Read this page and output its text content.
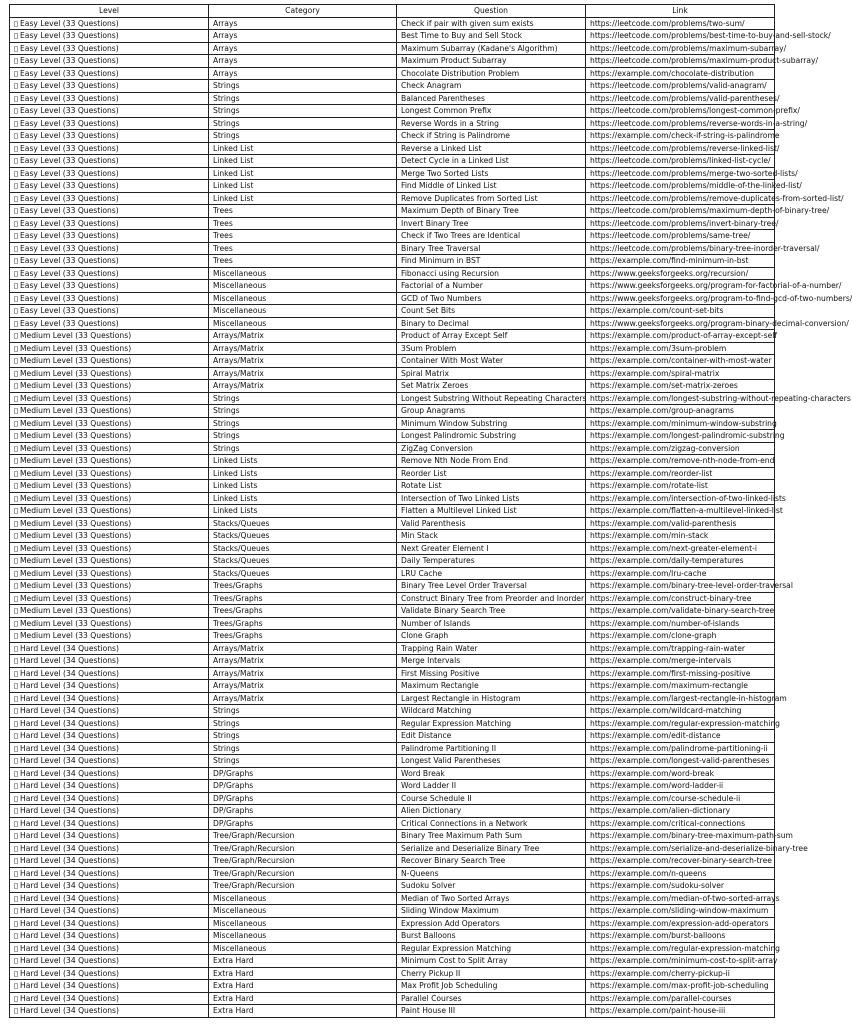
Level	Category	Question	Link
▯ Easy Level (33 Questions)	Arrays	Check if pair with given sum exists	https://leetcode.com/problems/two-sum/
▯ Easy Level (33 Questions)	Arrays	Best Time to Buy and Sell Stock	https://leetcode.com/problems/best-time-to-buy-and-sell-stock/
▯ Easy Level (33 Questions)	Arrays	Maximum Subarray (Kadane's Algorithm)	https://leetcode.com/problems/maximum-subarray/
▯ Easy Level (33 Questions)	Arrays	Maximum Product Subarray	https://leetcode.com/problems/maximum-product-subarray/
▯ Easy Level (33 Questions)	Arrays	Chocolate Distribution Problem	https://example.com/chocolate-distribution
▯ Easy Level (33 Questions)	Strings	Check Anagram	https://leetcode.com/problems/valid-anagram/
▯ Easy Level (33 Questions)	Strings	Balanced Parentheses	https://leetcode.com/problems/valid-parentheses/
▯ Easy Level (33 Questions)	Strings	Longest Common Prefix	https://leetcode.com/problems/longest-common-prefix/
▯ Easy Level (33 Questions)	Strings	Reverse Words in a String	https://leetcode.com/problems/reverse-words-in-a-string/
▯ Easy Level (33 Questions)	Strings	Check if String is Palindrome	https://example.com/check-if-string-is-palindrome
▯ Easy Level (33 Questions)	Linked List	Reverse a Linked List	https://leetcode.com/problems/reverse-linked-list/
▯ Easy Level (33 Questions)	Linked List	Detect Cycle in a Linked List	https://leetcode.com/problems/linked-list-cycle/
▯ Easy Level (33 Questions)	Linked List	Merge Two Sorted Lists	https://leetcode.com/problems/merge-two-sorted-lists/
▯ Easy Level (33 Questions)	Linked List	Find Middle of Linked List	https://leetcode.com/problems/middle-of-the-linked-list/
▯ Easy Level (33 Questions)	Linked List	Remove Duplicates from Sorted List	https://leetcode.com/problems/remove-duplicates-from-sorted-list/
▯ Easy Level (33 Questions)	Trees	Maximum Depth of Binary Tree	https://leetcode.com/problems/maximum-depth-of-binary-tree/
▯ Easy Level (33 Questions)	Trees	Invert Binary Tree	https://leetcode.com/problems/invert-binary-tree/
▯ Easy Level (33 Questions)	Trees	Check if Two Trees are Identical	https://leetcode.com/problems/same-tree/
▯ Easy Level (33 Questions)	Trees	Binary Tree Traversal	https://leetcode.com/problems/binary-tree-inorder-traversal/
▯ Easy Level (33 Questions)	Trees	Find Minimum in BST	https://example.com/find-minimum-in-bst
▯ Easy Level (33 Questions)	Miscellaneous	Fibonacci using Recursion	https://www.geeksforgeeks.org/recursion/
▯ Easy Level (33 Questions)	Miscellaneous	Factorial of a Number	https://www.geeksforgeeks.org/program-for-factorial-of-a-number/
▯ Easy Level (33 Questions)	Miscellaneous	GCD of Two Numbers	https://www.geeksforgeeks.org/program-to-find-gcd-of-two-numbers/
▯ Easy Level (33 Questions)	Miscellaneous	Count Set Bits	https://example.com/count-set-bits
▯ Easy Level (33 Questions)	Miscellaneous	Binary to Decimal	https://www.geeksforgeeks.org/program-binary-decimal-conversion/
▯ Medium Level (33 Questions)	Arrays/Matrix	Product of Array Except Self	https://example.com/product-of-array-except-self
▯ Medium Level (33 Questions)	Arrays/Matrix	3Sum Problem	https://example.com/3sum-problem
▯ Medium Level (33 Questions)	Arrays/Matrix	Container With Most Water	https://example.com/container-with-most-water
▯ Medium Level (33 Questions)	Arrays/Matrix	Spiral Matrix	https://example.com/spiral-matrix
▯ Medium Level (33 Questions)	Arrays/Matrix	Set Matrix Zeroes	https://example.com/set-matrix-zeroes
▯ Medium Level (33 Questions)	Strings	Longest Substring Without Repeating Characters	https://example.com/longest-substring-without-repeating-characters
▯ Medium Level (33 Questions)	Strings	Group Anagrams	https://example.com/group-anagrams
▯ Medium Level (33 Questions)	Strings	Minimum Window Substring	https://example.com/minimum-window-substring
▯ Medium Level (33 Questions)	Strings	Longest Palindromic Substring	https://example.com/longest-palindromic-substring
▯ Medium Level (33 Questions)	Strings	ZigZag Conversion	https://example.com/zigzag-conversion
▯ Medium Level (33 Questions)	Linked Lists	Remove Nth Node From End	https://example.com/remove-nth-node-from-end
▯ Medium Level (33 Questions)	Linked Lists	Reorder List	https://example.com/reorder-list
▯ Medium Level (33 Questions)	Linked Lists	Rotate List	https://example.com/rotate-list
▯ Medium Level (33 Questions)	Linked Lists	Intersection of Two Linked Lists	https://example.com/intersection-of-two-linked-lists
▯ Medium Level (33 Questions)	Linked Lists	Flatten a Multilevel Linked List	https://example.com/flatten-a-multilevel-linked-list
▯ Medium Level (33 Questions)	Stacks/Queues	Valid Parenthesis	https://example.com/valid-parenthesis
▯ Medium Level (33 Questions)	Stacks/Queues	Min Stack	https://example.com/min-stack
▯ Medium Level (33 Questions)	Stacks/Queues	Next Greater Element I	https://example.com/next-greater-element-i
▯ Medium Level (33 Questions)	Stacks/Queues	Daily Temperatures	https://example.com/daily-temperatures
▯ Medium Level (33 Questions)	Stacks/Queues	LRU Cache	https://example.com/lru-cache
▯ Medium Level (33 Questions)	Trees/Graphs	Binary Tree Level Order Traversal	https://example.com/binary-tree-level-order-traversal
▯ Medium Level (33 Questions)	Trees/Graphs	Construct Binary Tree from Preorder and Inorder	https://example.com/construct-binary-tree
▯ Medium Level (33 Questions)	Trees/Graphs	Validate Binary Search Tree	https://example.com/validate-binary-search-tree
▯ Medium Level (33 Questions)	Trees/Graphs	Number of Islands	https://example.com/number-of-islands
▯ Medium Level (33 Questions)	Trees/Graphs	Clone Graph	https://example.com/clone-graph
▯ Hard Level (34 Questions)	Arrays/Matrix	Trapping Rain Water	https://example.com/trapping-rain-water
▯ Hard Level (34 Questions)	Arrays/Matrix	Merge Intervals	https://example.com/merge-intervals
▯ Hard Level (34 Questions)	Arrays/Matrix	First Missing Positive	https://example.com/first-missing-positive
▯ Hard Level (34 Questions)	Arrays/Matrix	Maximum Rectangle	https://example.com/maximum-rectangle
▯ Hard Level (34 Questions)	Arrays/Matrix	Largest Rectangle in Histogram	https://example.com/largest-rectangle-in-histogram
▯ Hard Level (34 Questions)	Strings	Wildcard Matching	https://example.com/wildcard-matching
▯ Hard Level (34 Questions)	Strings	Regular Expression Matching	https://example.com/regular-expression-matching
▯ Hard Level (34 Questions)	Strings	Edit Distance	https://example.com/edit-distance
▯ Hard Level (34 Questions)	Strings	Palindrome Partitioning II	https://example.com/palindrome-partitioning-ii
▯ Hard Level (34 Questions)	Strings	Longest Valid Parentheses	https://example.com/longest-valid-parentheses
▯ Hard Level (34 Questions)	DP/Graphs	Word Break	https://example.com/word-break
▯ Hard Level (34 Questions)	DP/Graphs	Word Ladder II	https://example.com/word-ladder-ii
▯ Hard Level (34 Questions)	DP/Graphs	Course Schedule II	https://example.com/course-schedule-ii
▯ Hard Level (34 Questions)	DP/Graphs	Alien Dictionary	https://example.com/alien-dictionary
▯ Hard Level (34 Questions)	DP/Graphs	Critical Connections in a Network	https://example.com/critical-connections
▯ Hard Level (34 Questions)	Tree/Graph/Recursion	Binary Tree Maximum Path Sum	https://example.com/binary-tree-maximum-path-sum
▯ Hard Level (34 Questions)	Tree/Graph/Recursion	Serialize and Deserialize Binary Tree	https://example.com/serialize-and-deserialize-binary-tree
▯ Hard Level (34 Questions)	Tree/Graph/Recursion	Recover Binary Search Tree	https://example.com/recover-binary-search-tree
▯ Hard Level (34 Questions)	Tree/Graph/Recursion	N-Queens	https://example.com/n-queens
▯ Hard Level (34 Questions)	Tree/Graph/Recursion	Sudoku Solver	https://example.com/sudoku-solver
▯ Hard Level (34 Questions)	Miscellaneous	Median of Two Sorted Arrays	https://example.com/median-of-two-sorted-arrays
▯ Hard Level (34 Questions)	Miscellaneous	Sliding Window Maximum	https://example.com/sliding-window-maximum
▯ Hard Level (34 Questions)	Miscellaneous	Expression Add Operators	https://example.com/expression-add-operators
▯ Hard Level (34 Questions)	Miscellaneous	Burst Balloons	https://example.com/burst-balloons
▯ Hard Level (34 Questions)	Miscellaneous	Regular Expression Matching	https://example.com/regular-expression-matching
▯ Hard Level (34 Questions)	Extra Hard	Minimum Cost to Split Array	https://example.com/minimum-cost-to-split-array
▯ Hard Level (34 Questions)	Extra Hard	Cherry Pickup II	https://example.com/cherry-pickup-ii
▯ Hard Level (34 Questions)	Extra Hard	Max Profit Job Scheduling	https://example.com/max-profit-job-scheduling
▯ Hard Level (34 Questions)	Extra Hard	Parallel Courses	https://example.com/parallel-courses
▯ Hard Level (34 Questions)	Extra Hard	Paint House III	https://example.com/paint-house-iii
